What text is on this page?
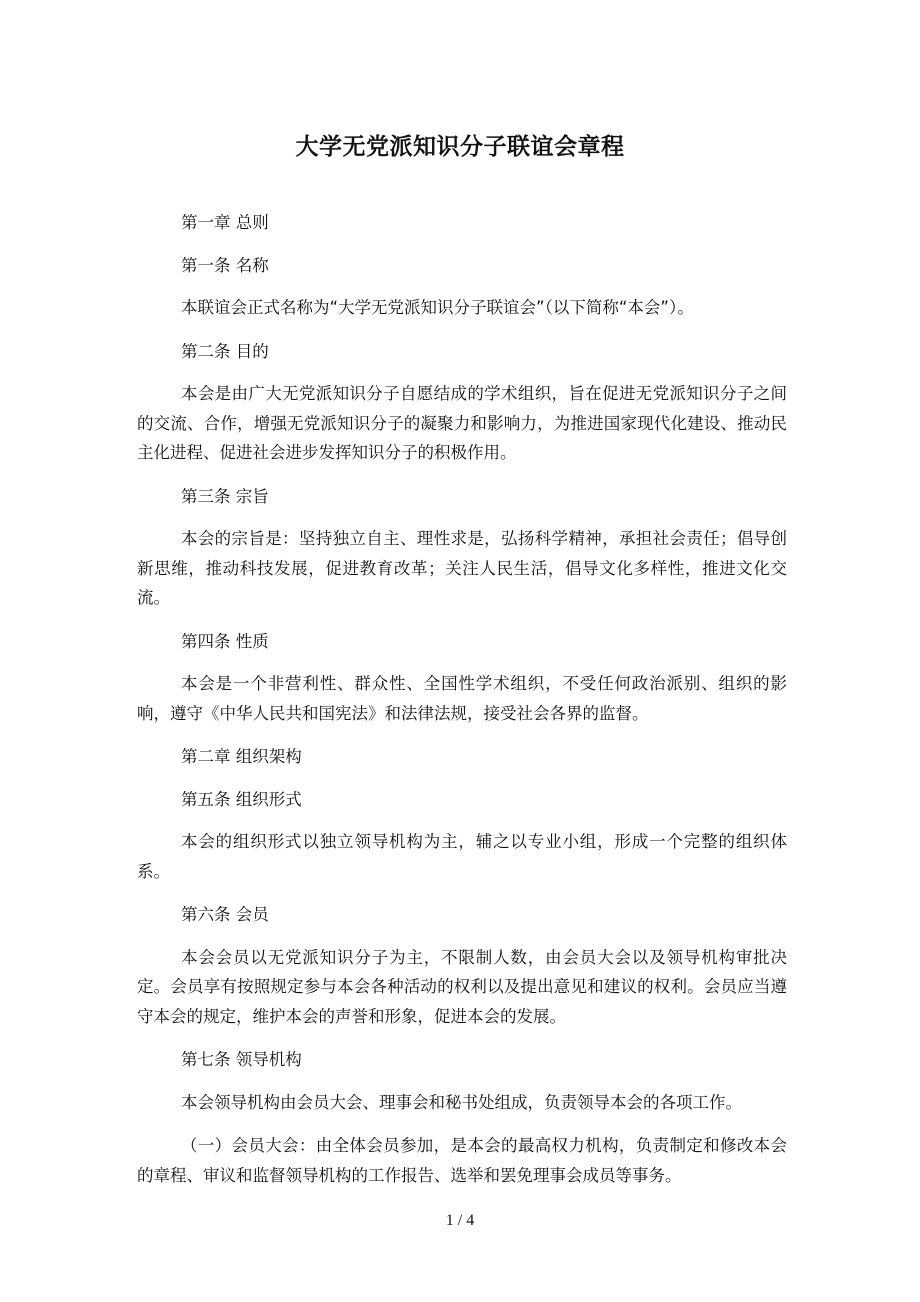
大学无党派知识分子联谊会章程

第一章 总则

第一条 名称

本联谊会正式名称为“大学无党派知识分子联谊会”（以下简称“本会”）。

第二条 目的

本会是由广大无党派知识分子自愿结成的学术组织，旨在促进无党派知识分子之间的交流、合作，增强无党派知识分子的凝聚力和影响力，为推进国家现代化建设、推动民主化进程、促进社会进步发挥知识分子的积极作用。

第三条 宗旨

本会的宗旨是：坚持独立自主、理性求是，弘扬科学精神，承担社会责任；倡导创新思维，推动科技发展，促进教育改革；关注人民生活，倡导文化多样性，推进文化交流。

第四条 性质

本会是一个非营利性、群众性、全国性学术组织，不受任何政治派别、组织的影响，遵守《中华人民共和国宪法》和法律法规，接受社会各界的监督。

第二章 组织架构

第五条 组织形式

本会的组织形式以独立领导机构为主，辅之以专业小组，形成一个完整的组织体系。

第六条 会员

本会会员以无党派知识分子为主，不限制人数，由会员大会以及领导机构审批决定。会员享有按照规定参与本会各种活动的权利以及提出意见和建议的权利。会员应当遵守本会的规定，维护本会的声誉和形象，促进本会的发展。

第七条 领导机构

本会领导机构由会员大会、理事会和秘书处组成，负责领导本会的各项工作。

（一）会员大会：由全体会员参加，是本会的最高权力机构，负责制定和修改本会的章程、审议和监督领导机构的工作报告、选举和罢免理事会成员等事务。

1 / 4
